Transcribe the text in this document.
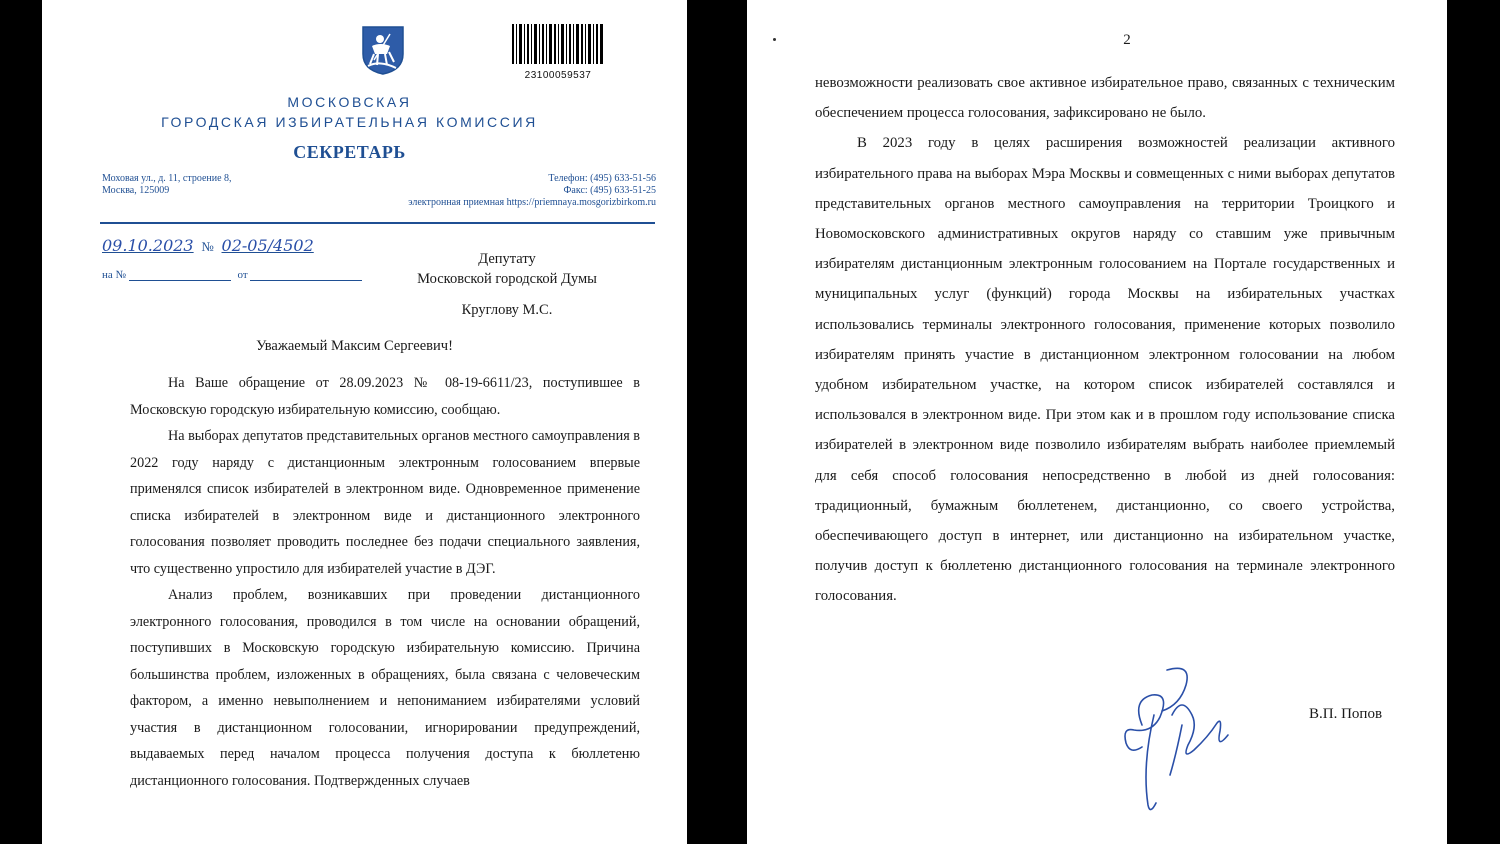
23100059537
МОСКОВСКАЯ
ГОРОДСКАЯ ИЗБИРАТЕЛЬНАЯ КОМИССИЯ
СЕКРЕТАРЬ
Моховая ул., д. 11, строение 8,
Москва, 125009
Телефон: (495) 633-51-56
Факс: (495) 633-51-25
электронная приемная https://priemnaya.mosgorizbirkom.ru
09.10.2023 № 02-05/4502
на №	от
Депутату
Московской городской Думы
Круглову М.С.
Уважаемый Максим Сергеевич!

На Ваше обращение от 28.09.2023 № 08-19-6611/23, поступившее в Московскую городскую избирательную комиссию, сообщаю.

На выборах депутатов представительных органов местного самоуправления в 2022 году наряду с дистанционным электронным голосованием впервые применялся список избирателей в электронном виде. Одновременное применение списка избирателей в электронном виде и дистанционного электронного голосования позволяет проводить последнее без подачи специального заявления, что существенно упростило для избирателей участие в ДЭГ.

Анализ проблем, возникавших при проведении дистанционного электронного голосования, проводился в том числе на основании обращений, поступивших в Московскую городскую избирательную комиссию. Причина большинства проблем, изложенных в обращениях, была связана с человеческим фактором, а именно невыполнением и непониманием избирателями условий участия в дистанционном голосовании, игнорировании предупреждений, выдаваемых перед началом процесса получения доступа к бюллетеню дистанционного голосования. Подтвержденных случаев

2

невозможности реализовать свое активное избирательное право, связанных с техническим обеспечением процесса голосования, зафиксировано не было.

В 2023 году в целях расширения возможностей реализации активного избирательного права на выборах Мэра Москвы и совмещенных с ними выборах депутатов представительных органов местного самоуправления на территории Троицкого и Новомосковского административных округов наряду со ставшим уже привычным избирателям дистанционным электронным голосованием на Портале государственных и муниципальных услуг (функций) города Москвы на избирательных участках использовались терминалы электронного голосования, применение которых позволило избирателям принять участие в дистанционном электронном голосовании на любом удобном избирательном участке, на котором список избирателей составлялся и использовался в электронном виде. При этом как и в прошлом году использование списка избирателей в электронном виде позволило избирателям выбрать наиболее приемлемый для себя способ голосования непосредственно в любой из дней голосования: традиционный, бумажным бюллетенем, дистанционно, со своего устройства, обеспечивающего доступ в интернет, или дистанционно на избирательном участке, получив доступ к бюллетеню дистанционного голосования на терминале электронного голосования.

В.П. Попов
